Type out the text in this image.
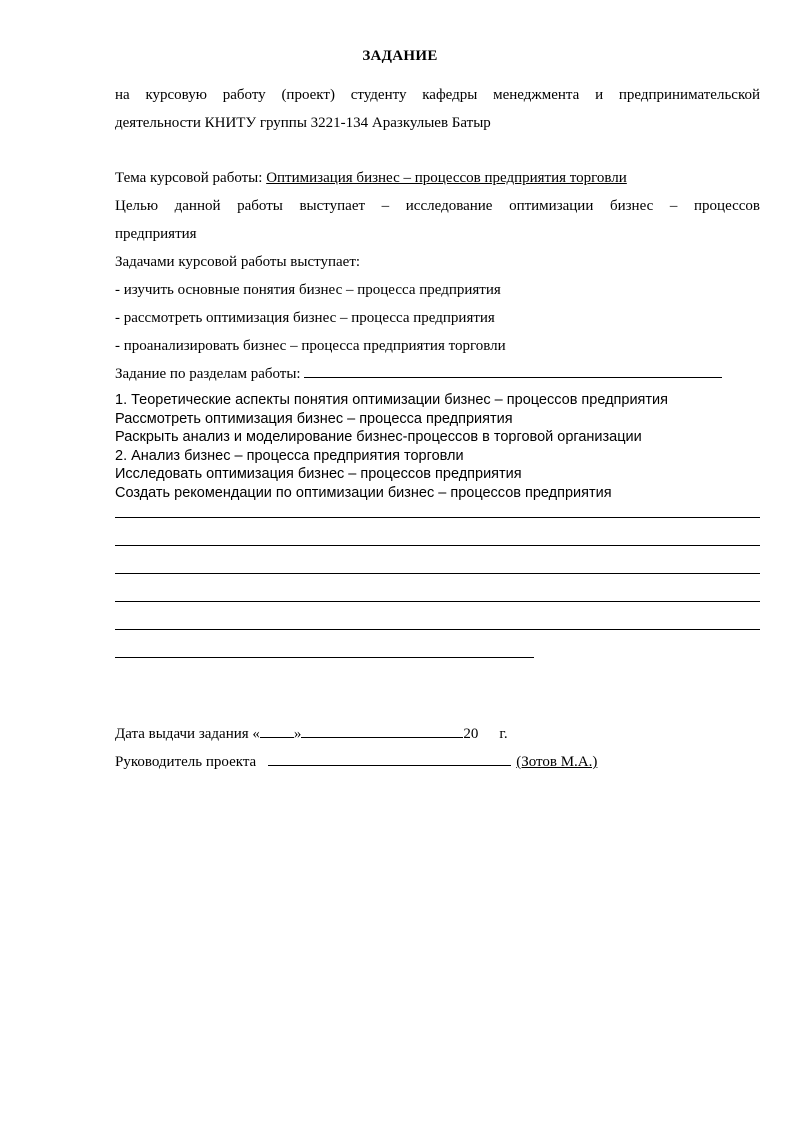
ЗАДАНИЕ
на курсовую работу (проект) студенту кафедры менеджмента и предпринимательской
деятельности КНИТУ группы 3221-134 Аразкулыев Батыр
Тема курсовой работы: Оптимизация бизнес – процессов предприятия торговли
Целью данной работы выступает – исследование оптимизации бизнес – процессов
предприятия
Задачами курсовой работы выступает:
- изучить основные понятия бизнес – процесса предприятия
- рассмотреть оптимизация бизнес – процесса предприятия
- проанализировать бизнес – процесса предприятия торговли
Задание по разделам работы:
1. Теоретические аспекты понятия оптимизации бизнес – процессов предприятия
Рассмотреть оптимизация бизнес – процесса предприятия
Раскрыть анализ и моделирование бизнес-процессов в торговой организации
2. Анализ бизнес – процесса предприятия торговли
Исследовать оптимизация бизнес – процессов предприятия
Создать рекомендации по оптимизации бизнес – процессов предприятия
Дата выдачи задания « »	20 г.
Руководитель проекта	(Зотов М.А.)
